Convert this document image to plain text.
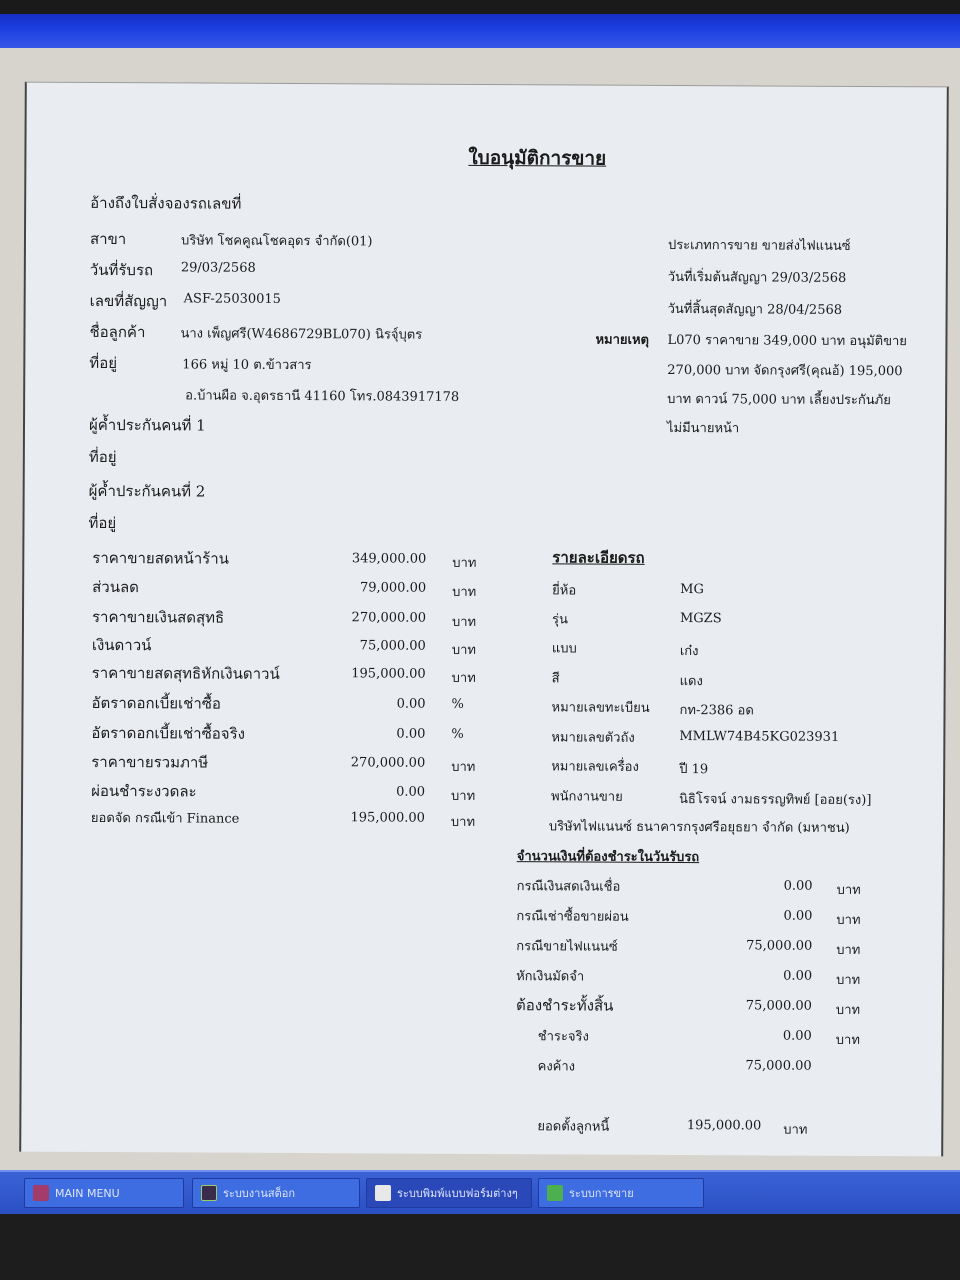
ใบอนุมัติการขาย
อ้างถึงใบสั่งจองรถเลขที่
สาขา	บริษัท โชคคูณโชคอุดร จำกัด(01)
วันที่รับรถ 29/03/2568
เลขที่สัญญา ASF-25030015
ชื่อลูกค้า	นาง เพ็ญศรี(W4686729BL070) นิรจุ์บุตร
ที่อยู่	166 หมู่ 10 ต.ข้าวสาร
อ.บ้านผือ จ.อุดรธานี 41160 โทร.0843917178
ผู้ค้ำประกันคนที่ 1
ที่อยู่
ผู้ค้ำประกันคนที่ 2
ที่อยู่
ประเภทการขาย ขายส่งไฟแนนซ์
วันที่เริ่มต้นสัญญา 29/03/2568
วันที่สิ้นสุดสัญญา 28/04/2568
หมายเหตุ L070 ราคาขาย 349,000 บาท อนุมัติขาย
270,000 บาท จัดกรุงศรี(คุณอ้) 195,000
บาท ดาวน์ 75,000 บาท เลี้ยงประกันภัย
ไม่มีนายหน้า
ราคาขายสดหน้าร้าน	349,000.00 บาท
ส่วนลด	79,000.00 บาท
ราคาขายเงินสดสุทธิ	270,000.00 บาท
เงินดาวน์	75,000.00 บาท
ราคาขายสดสุทธิหักเงินดาวน์	195,000.00 บาท
อัตราดอกเบี้ยเช่าซื้อ	0.00 %
อัตราดอกเบี้ยเช่าซื้อจริง	0.00 %
ราคาขายรวมภาษี	270,000.00 บาท
ผ่อนชำระงวดละ	0.00 บาท
ยอดจัด กรณีเข้า Finance	195,000.00 บาท
รายละเอียดรถ
ยี่ห้อ	MG
รุ่น	MGZS
แบบ	เก๋ง
สี	แดง
หมายเลขทะเบียน กท-2386 อด
หมายเลขตัวถัง	MMLW74B45KG023931
หมายเลขเครื่อง	ปี 19
พนักงานขาย	นิธิโรจน์ งามธรรญทิพย์ [ออย(รง)]
บริษัทไฟแนนซ์ ธนาคารกรุงศรีอยุธยา จำกัด (มหาชน)
จำนวนเงินที่ต้องชำระในวันรับรถ
กรณีเงินสดเงินเชื่อ	0.00 บาท
กรณีเช่าซื้อขายผ่อน	0.00 บาท
กรณีขายไฟแนนซ์	75,000.00 บาท
หักเงินมัดจำ	0.00 บาท
ต้องชำระทั้งสิ้น	75,000.00 บาท
ชำระจริง	0.00 บาท
คงค้าง	75,000.00
ยอดตั้งลูกหนี้	195,000.00 บาท
MAIN MENU	ระบบงานสต็อก	ระบบพิมพ์แบบฟอร์มต่างๆ	ระบบการขาย
